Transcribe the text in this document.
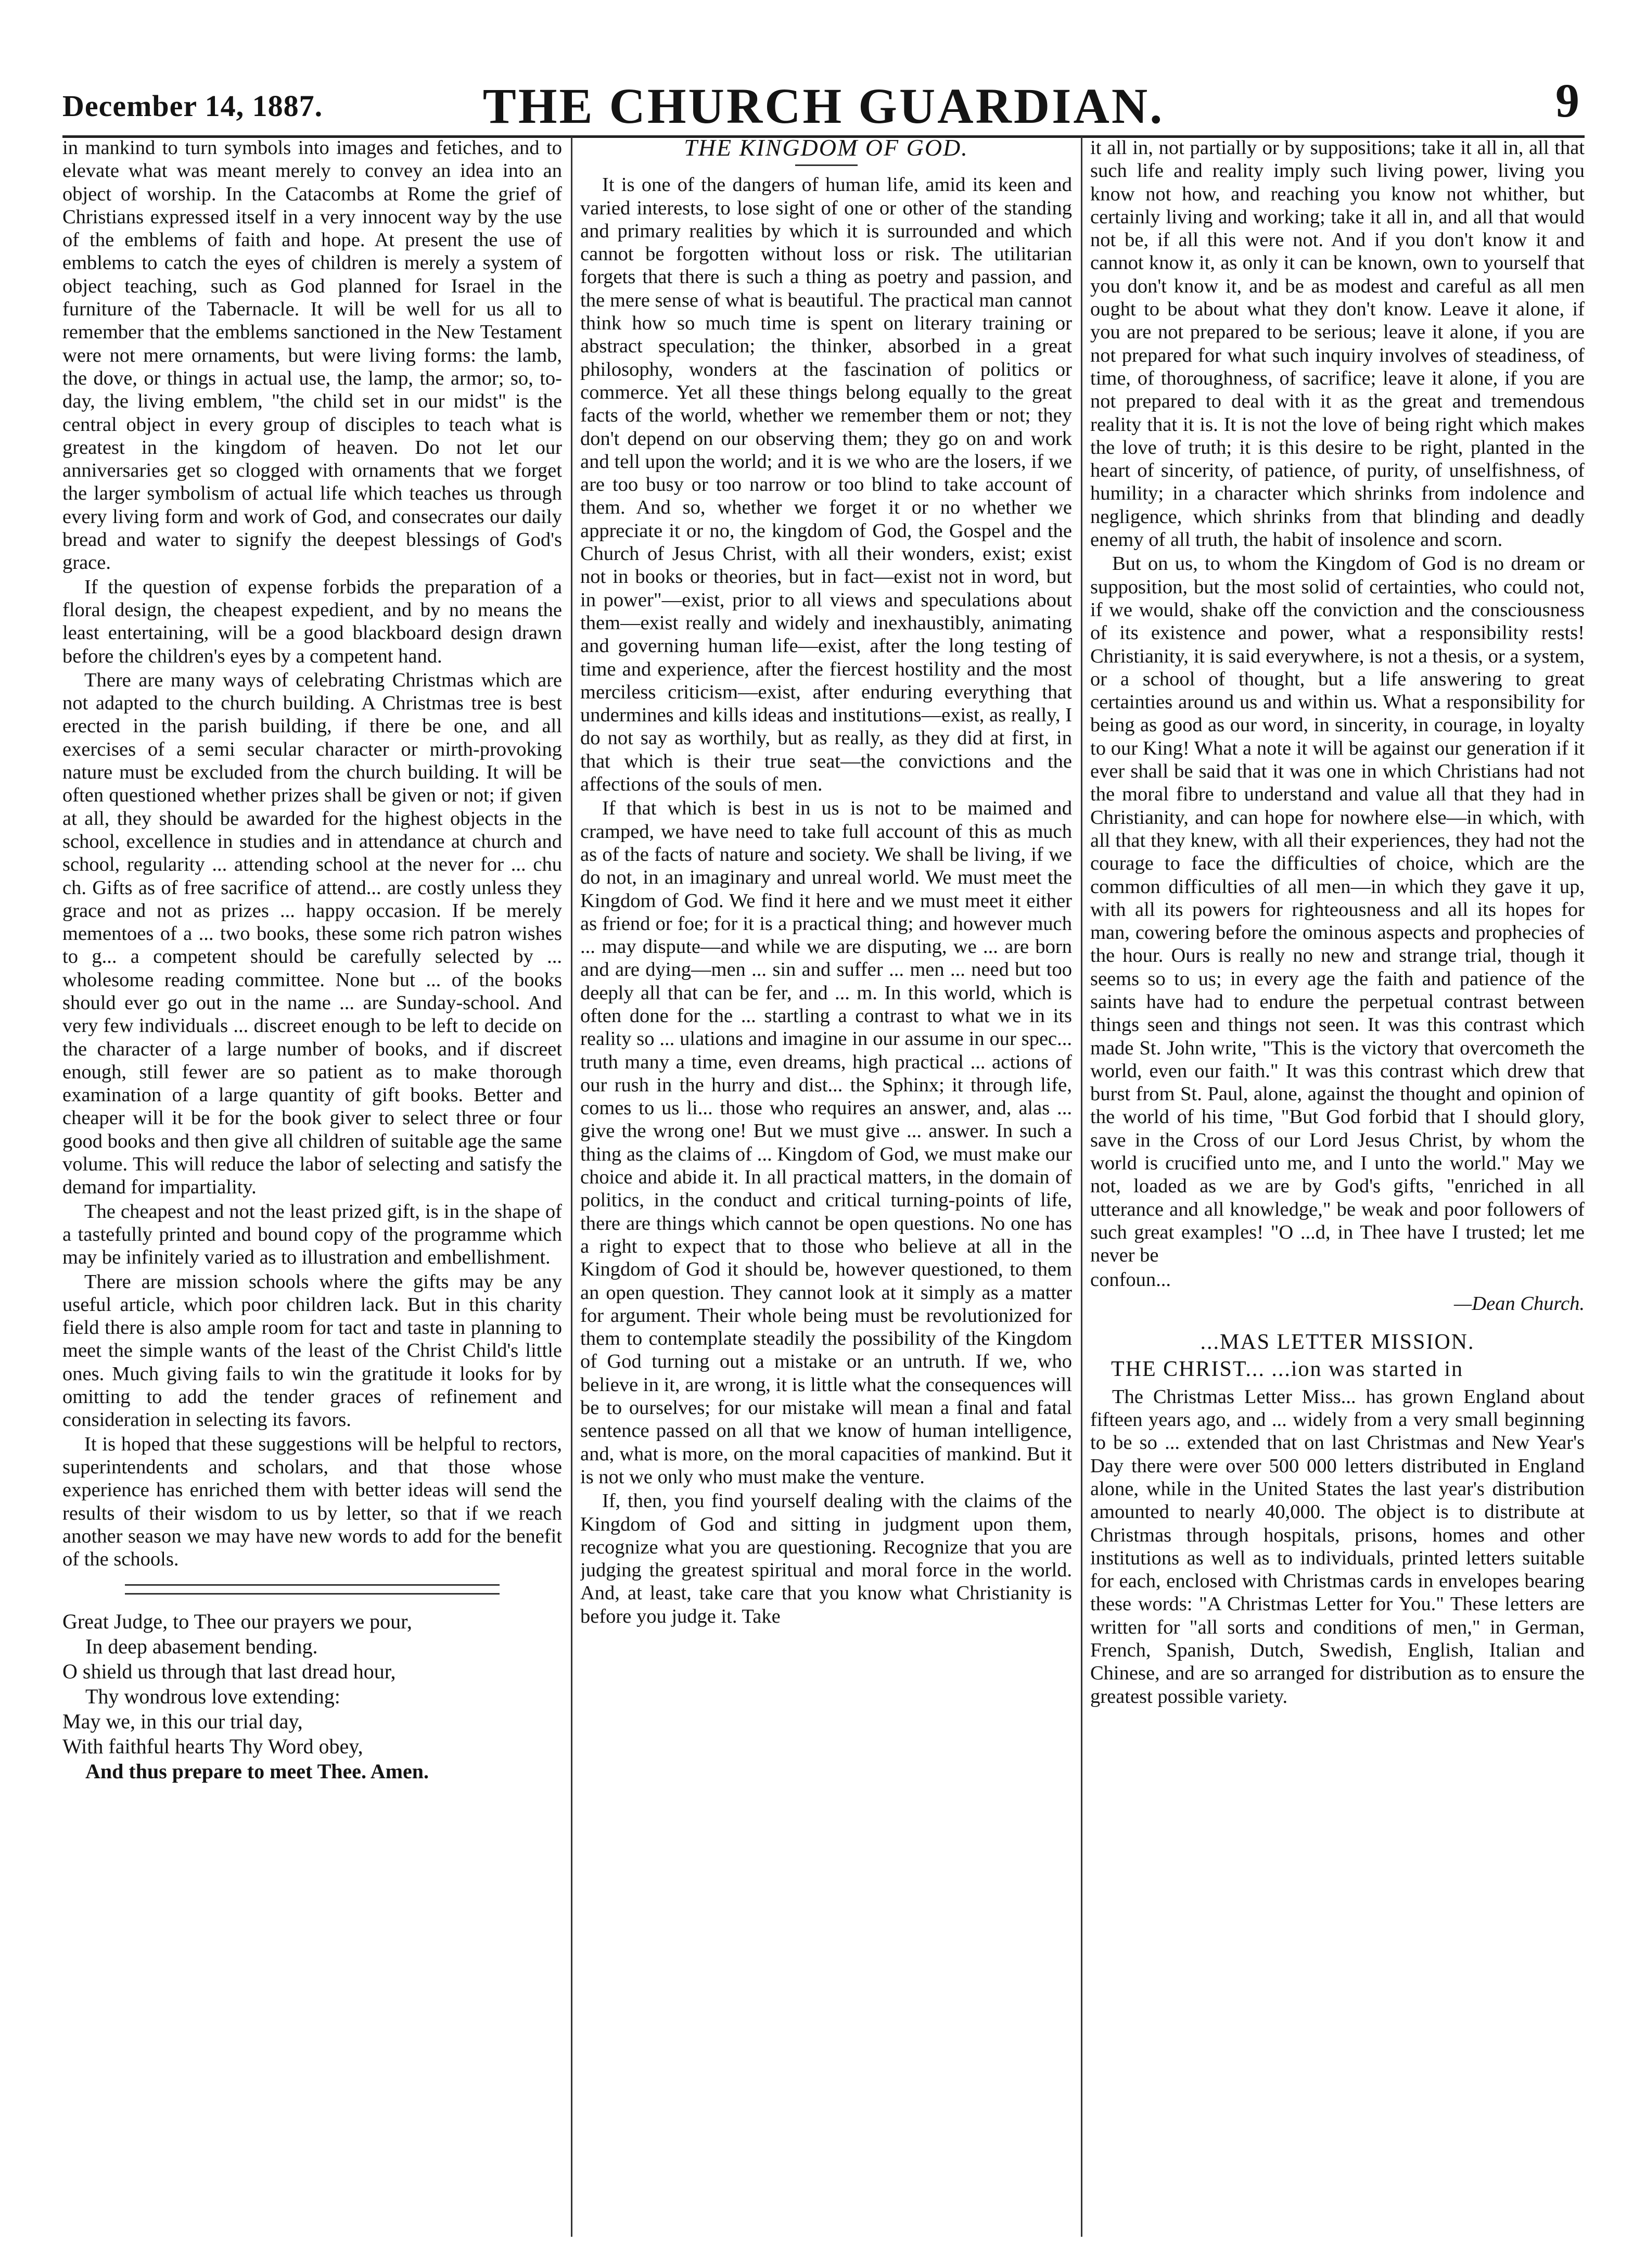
December 14, 1887.	THE CHURCH GUARDIAN.	9

in mankind to turn symbols into images and fetiches, and to elevate what was meant merely to convey an idea into an object of worship. In the Catacombs at Rome the grief of Christians expressed itself in a very innocent way by the use of the emblems of faith and hope. At present the use of emblems to catch the eyes of children is merely a system of object teaching, such as God planned for Israel in the furniture of the Tabernacle. It will be well for us all to remember that the emblems sanctioned in the New Testament were not mere ornaments, but were living forms: the lamb, the dove, or things in actual use, the lamp, the armor; so, to-day, the living emblem, "the child set in our midst" is the central object in every group of disciples to teach what is greatest in the kingdom of heaven. Do not let our anniversaries get so clogged with ornaments that we forget the larger symbolism of actual life which teaches us through every living form and work of God, and consecrates our daily bread and water to signify the deepest blessings of God's grace.

If the question of expense forbids the preparation of a floral design, the cheapest expedient, and by no means the least entertaining, will be a good blackboard design drawn before the children's eyes by a competent hand.

There are many ways of celebrating Christmas which are not adapted to the church building. A Christmas tree is best erected in the parish building, if there be one, and all exercises of a semi secular character or mirth-provoking nature must be excluded from the church building. It will be often questioned whether prizes shall be given or not; if given at all, they should be awarded for the highest objects in the school, excellence in studies and in attendance at church and school, regularity ... attending school at the never for ... chu ch. Gifts as of free sacrifice of attend... are costly unless they grace and not as prizes ... happy occasion. If be merely mementoes of a ... two books, these some rich patron wishes to g... a competent should be carefully selected by ... wholesome reading committee. None but ... of the books should ever go out in the name ... are Sunday-school. And very few individuals ... discreet enough to be left to decide on the character of a large number of books, and if discreet enough, still fewer are so patient as to make thorough examination of a large quantity of gift books. Better and cheaper will it be for the book giver to select three or four good books and then give all children of suitable age the same volume. This will reduce the labor of selecting and satisfy the demand for impartiality.

The cheapest and not the least prized gift, is in the shape of a tastefully printed and bound copy of the programme which may be infinitely varied as to illustration and embellishment.

There are mission schools where the gifts may be any useful article, which poor children lack. But in this charity field there is also ample room for tact and taste in planning to meet the simple wants of the least of the Christ Child's little ones. Much giving fails to win the gratitude it looks for by omitting to add the tender graces of refinement and consideration in selecting its favors.

It is hoped that these suggestions will be helpful to rectors, superintendents and scholars, and that those whose experience has enriched them with better ideas will send the results of their wisdom to us by letter, so that if we reach another season we may have new words to add for the benefit of the schools.

Great Judge, to Thee our prayers we pour,
In deep abasement bending.
O shield us through that last dread hour,
Thy wondrous love extending:
May we, in this our trial day,
With faithful hearts Thy Word obey,
And thus prepare to meet Thee. Amen.
THE KINGDOM OF GOD.

It is one of the dangers of human life, amid its keen and varied interests, to lose sight of one or other of the standing and primary realities by which it is surrounded and which cannot be forgotten without loss or risk. The utilitarian forgets that there is such a thing as poetry and passion, and the mere sense of what is beautiful. The practical man cannot think how so much time is spent on literary training or abstract speculation; the thinker, absorbed in a great philosophy, wonders at the fascination of politics or commerce. Yet all these things belong equally to the great facts of the world, whether we remember them or not; they don't depend on our observing them; they go on and work and tell upon the world; and it is we who are the losers, if we are too busy or too narrow or too blind to take account of them. And so, whether we forget it or no whether we appreciate it or no, the kingdom of God, the Gospel and the Church of Jesus Christ, with all their wonders, exist; exist not in books or theories, but in fact—exist not in word, but in power"—exist, prior to all views and speculations about them—exist really and widely and inexhaustibly, animating and governing human life—exist, after the long testing of time and experience, after the fiercest hostility and the most merciless criticism—exist, after enduring everything that undermines and kills ideas and institutions—exist, as really, I do not say as worthily, but as really, as they did at first, in that which is their true seat—the convictions and the affections of the souls of men.

If that which is best in us is not to be maimed and cramped, we have need to take full account of this as much as of the facts of nature and society. We shall be living, if we do not, in an imaginary and unreal world. We must meet the Kingdom of God. We find it here and we must meet it either as friend or foe; for it is a practical thing; and however much ... may dispute—and while we are disputing, we ... are born and are dying—men ... sin and suffer ... men ... need but too deeply all that can be fer, and ... m. In this world, which is often done for the ... startling a contrast to what we in its reality so ... ulations and imagine in our assume in our spec... truth many a time, even dreams, high practical ... actions of our rush in the hurry and dist... the Sphinx; it through life, comes to us li... those who requires an answer, and, alas ... give the wrong one! But we must give ... answer. In such a thing as the claims of ... Kingdom of God, we must make our choice and abide it. In all practical matters, in the domain of politics, in the conduct and critical turning-points of life, there are things which cannot be open questions. No one has a right to expect that to those who believe at all in the Kingdom of God it should be, however questioned, to them an open question. They cannot look at it simply as a matter for argument. Their whole being must be revolutionized for them to contemplate steadily the possibility of the Kingdom of God turning out a mistake or an untruth. If we, who believe in it, are wrong, it is little what the consequences will be to ourselves; for our mistake will mean a final and fatal sentence passed on all that we know of human intelligence, and, what is more, on the moral capacities of mankind. But it is not we only who must make the venture.

If, then, you find yourself dealing with the claims of the Kingdom of God and sitting in judgment upon them, recognize what you are questioning. Recognize that you are judging the greatest spiritual and moral force in the world. And, at least, take care that you know what Christianity is before you judge it. Take

it all in, not partially or by suppositions; take it all in, all that such life and reality imply such living power, living you know not how, and reaching you know not whither, but certainly living and working; take it all in, and all that would not be, if all this were not. And if you don't know it and cannot know it, as only it can be known, own to yourself that you don't know it, and be as modest and careful as all men ought to be about what they don't know. Leave it alone, if you are not prepared to be serious; leave it alone, if you are not prepared for what such inquiry involves of steadiness, of time, of thoroughness, of sacrifice; leave it alone, if you are not prepared to deal with it as the great and tremendous reality that it is. It is not the love of being right which makes the love of truth; it is this desire to be right, planted in the heart of sincerity, of patience, of purity, of unselfishness, of humility; in a character which shrinks from indolence and negligence, which shrinks from that blinding and deadly enemy of all truth, the habit of insolence and scorn.

But on us, to whom the Kingdom of God is no dream or supposition, but the most solid of certainties, who could not, if we would, shake off the conviction and the consciousness of its existence and power, what a responsibility rests! Christianity, it is said everywhere, is not a thesis, or a system, or a school of thought, but a life answering to great certainties around us and within us. What a responsibility for being as good as our word, in sincerity, in courage, in loyalty to our King! What a note it will be against our generation if it ever shall be said that it was one in which Christians had not the moral fibre to understand and value all that they had in Christianity, and can hope for nowhere else—in which, with all that they knew, with all their experiences, they had not the courage to face the difficulties of choice, which are the common difficulties of all men—in which they gave it up, with all its powers for righteousness and all its hopes for man, cowering before the ominous aspects and prophecies of the hour. Ours is really no new and strange trial, though it seems so to us; in every age the faith and patience of the saints have had to endure the perpetual contrast between things seen and things not seen. It was this contrast which made St. John write, "This is the victory that overcometh the world, even our faith." It was this contrast which drew that burst from St. Paul, alone, against the thought and opinion of the world of his time, "But God forbid that I should glory, save in the Cross of our Lord Jesus Christ, by whom the world is crucified unto me, and I unto the world." May we not, loaded as we are by God's gifts, "enriched in all utterance and all knowledge," be weak and poor followers of such great examples! "O ...d, in Thee have I trusted; let me never be

confoun...

—Dean Church.
...MAS LETTER MISSION.
THE CHRIST... ...ion was started in

The Christmas Letter Miss... has grown England about fifteen years ago, and ... widely from a very small beginning to be so ... extended that on last Christmas and New Year's Day there were over 500 000 letters distributed in England alone, while in the United States the last year's distribution amounted to nearly 40,000. The object is to distribute at Christmas through hospitals, prisons, homes and other institutions as well as to individuals, printed letters suitable for each, enclosed with Christmas cards in envelopes bearing these words: "A Christmas Letter for You." These letters are written for "all sorts and conditions of men," in German, French, Spanish, Dutch, Swedish, English, Italian and Chinese, and are so arranged for distribution as to ensure the greatest possible variety.
